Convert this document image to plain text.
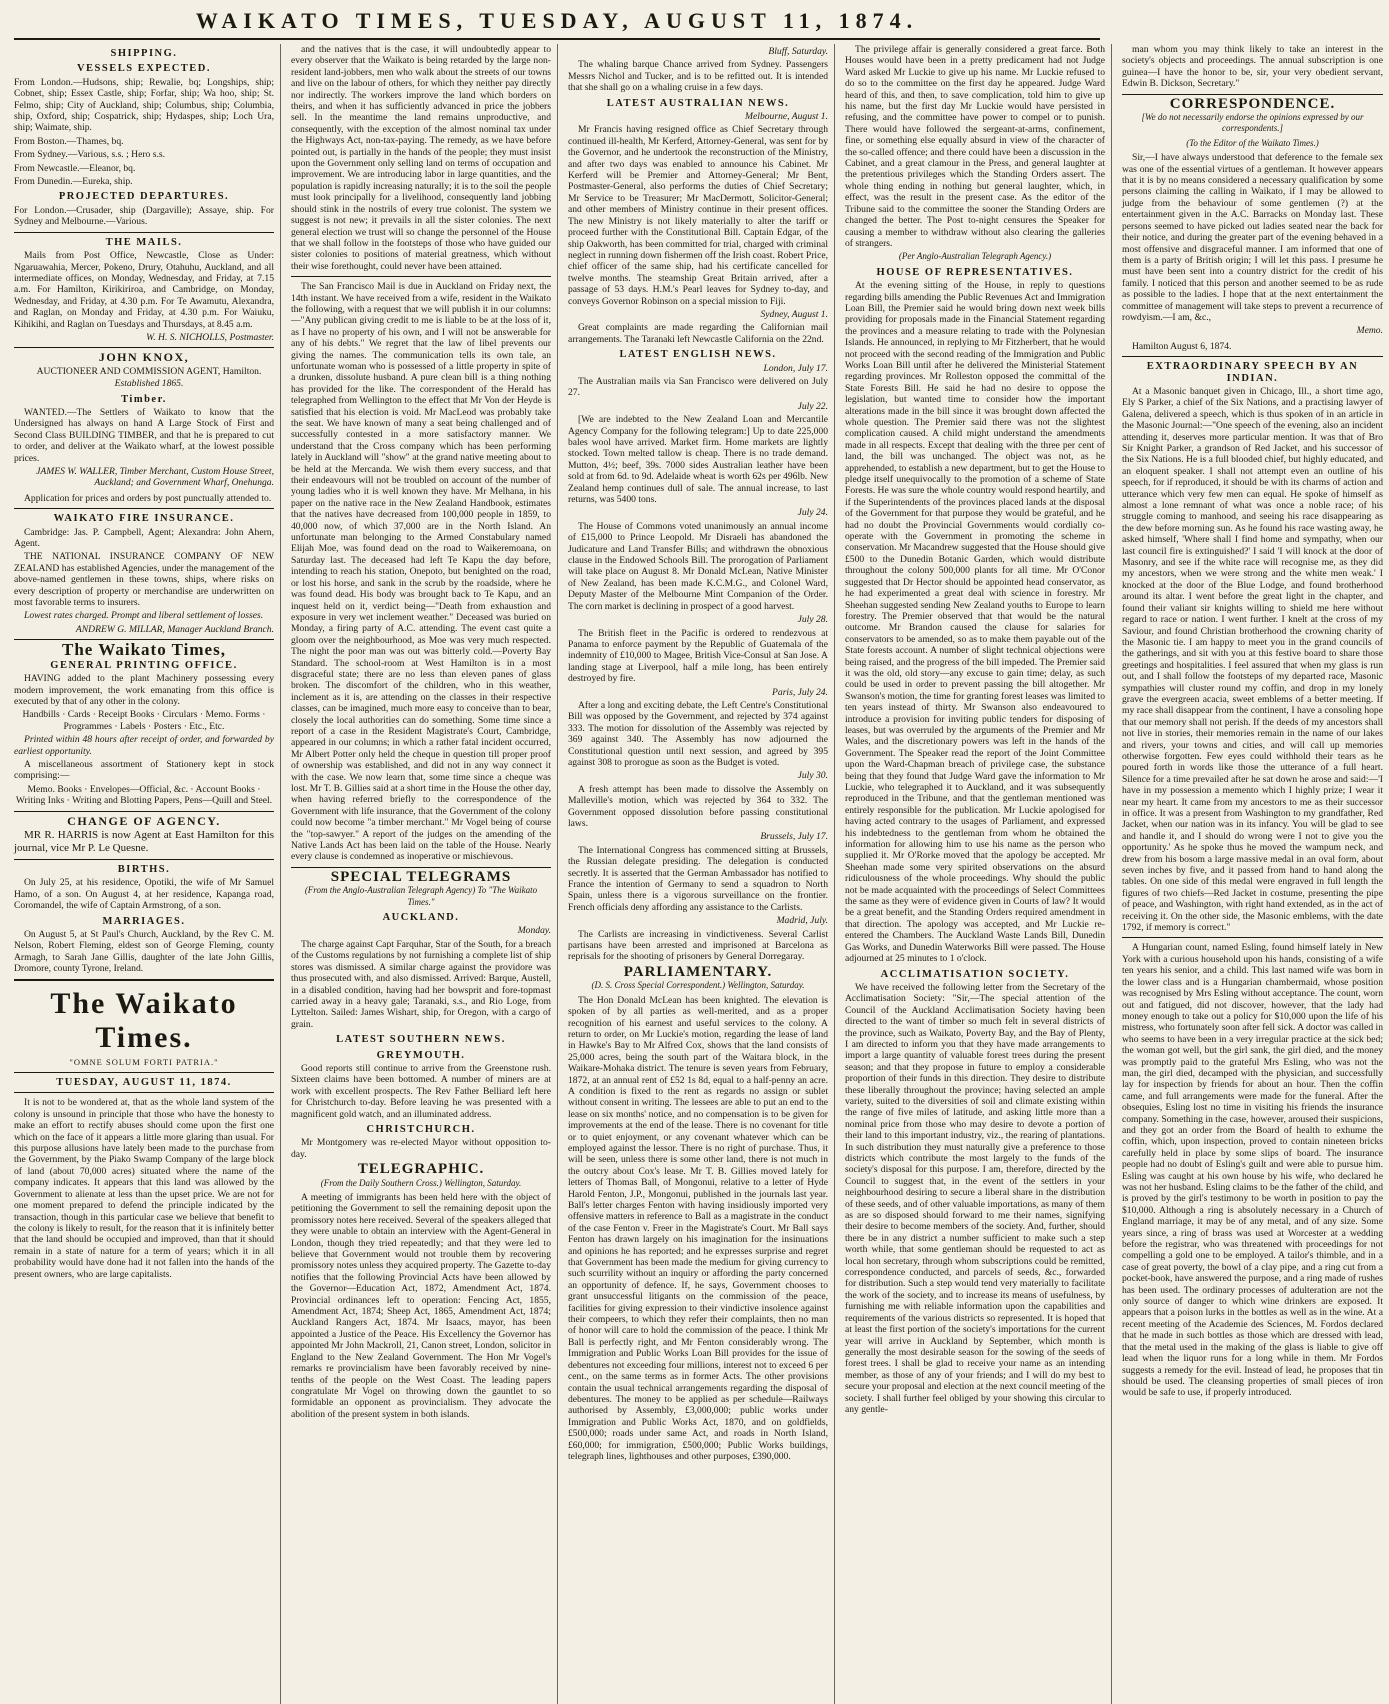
WAIKATO TIMES, TUESDAY, AUGUST 11, 1874.
SHIPPING.
VESSELS EXPECTED.

From London.—Hudsons, ship; Rewalie, bq; Longships, ship; Cobnet, ship; Essex Castle, ship; Forfar, ship; Wa hoo, ship; St. Felmo, ship; City of Auckland, ship; Columbus, ship; Columbia, ship, Oxford, ship; Cospatrick, ship; Hydaspes, ship; Loch Ura, ship; Waimate, ship.

From Boston.—Thames, bq.

From Sydney.—Various, s.s. ; Hero s.s.

From Newcastle.—Eleanor, bq.

From Dunedin.—Eureka, ship.

PROJECTED DEPARTURES.

For London.—Crusader, ship (Dargaville); Assaye, ship. For Sydney and Melbourne.—Various.

THE MAILS.

Mails from Post Office, Newcastle, Close as Under: Ngaruawahia, Mercer, Pokeno, Drury, Otahuhu, Auckland, and all intermediate offices, on Monday, Wednesday, and Friday, at 7.15 a.m. For Hamilton, Kirikiriroa, and Cambridge, on Monday, Wednesday, and Friday, at 4.30 p.m. For Te Awamutu, Alexandra, and Raglan, on Monday and Friday, at 4.30 p.m. For Waiuku, Kihikihi, and Raglan on Tuesdays and Thursdays, at 8.45 a.m.

W. H. S. NICHOLLS, Postmaster.
JOHN KNOX,

AUCTIONEER AND COMMISSION AGENT, Hamilton.

Established 1865.

Timber.

WANTED.—The Settlers of Waikato to know that the Undersigned has always on hand A Large Stock of First and Second Class BUILDING TIMBER, and that he is prepared to cut to order, and deliver at the Waikato wharf, at the lowest possible prices.

JAMES W. WALLER, Timber Merchant, Custom House Street, Auckland; and Government Wharf, Onehunga.

Application for prices and orders by post punctually attended to.

WAIKATO FIRE INSURANCE.

Cambridge: Jas. P. Campbell, Agent; Alexandra: John Ahern, Agent.

THE NATIONAL INSURANCE COMPANY OF NEW ZEALAND has established Agencies, under the management of the above-named gentlemen in these towns, ships, where risks on every description of property or merchandise are underwritten on most favorable terms to insurers.

Lowest rates charged. Prompt and liberal settlement of losses.

ANDREW G. MILLAR, Manager Auckland Branch.
The Waikato Times,
GENERAL PRINTING OFFICE.

HAVING added to the plant Machinery possessing every modern improvement, the work emanating from this office is executed by that of any other in the colony.

Handbills · Cards · Receipt Books · Circulars · Memo. Forms · Programmes · Labels · Posters · Etc., Etc.

Printed within 48 hours after receipt of order, and forwarded by earliest opportunity.

A miscellaneous assortment of Stationery kept in stock comprising:—

Memo. Books · Envelopes—Official, &c. · Account Books · Writing Inks · Writing and Blotting Papers, Pens—Quill and Steel.

CHANGE OF AGENCY.

MR R. HARRIS is now Agent at East Hamilton for this journal, vice Mr P. Le Quesne.

BIRTHS.

On July 25, at his residence, Opotiki, the wife of Mr Samuel Hamo, of a son. On August 4, at her residence, Kapanga road, Coromandel, the wife of Captain Armstrong, of a son.

MARRIAGES.

On August 5, at St Paul's Church, Auckland, by the Rev C. M. Nelson, Robert Fleming, eldest son of George Fleming, county Armagh, to Sarah Jane Gillis, daughter of the late John Gillis, Dromore, county Tyrone, Ireland.

The Waikato Times.
"OMNE SOLUM FORTI PATRIA."
TUESDAY, AUGUST 11, 1874.

It is not to be wondered at, that as the whole land system of the colony is unsound in principle that those who have the honesty to make an effort to rectify abuses should come upon the first one which on the face of it appears a little more glaring than usual. For this purpose allusions have lately been made to the purchase from the Government, by the Piako Swamp Company of the large block of land (about 70,000 acres) situated where the name of the company indicates. It appears that this land was allowed by the Government to alienate at less than the upset price. We are not for one moment prepared to defend the principle indicated by the transaction, though in this particular case we believe that benefit to the colony is likely to result, for the reason that it is infinitely better that the land should be occupied and improved, than that it should remain in a state of nature for a term of years; which it in all probability would have done had it not fallen into the hands of the present owners, who are large capitalists.

and the natives that is the case, it will undoubtedly appear to every observer that the Waikato is being retarded by the large non-resident land-jobbers, men who walk about the streets of our towns and live on the labour of others, for which they neither pay directly nor indirectly. The workers improve the land which borders on theirs, and when it has sufficiently advanced in price the jobbers sell. In the meantime the land remains unproductive, and consequently, with the exception of the almost nominal tax under the Highways Act, non-tax-paying. The remedy, as we have before pointed out, is partially in the hands of the people; they must insist upon the Government only selling land on terms of occupation and improvement. We are introducing labor in large quantities, and the population is rapidly increasing naturally; it is to the soil the people must look principally for a livelihood, consequently land jobbing should stink in the nostrils of every true colonist. The system we suggest is not new; it prevails in all the sister colonies. The next general election we trust will so change the personnel of the House that we shall follow in the footsteps of those who have guided our sister colonies to positions of material greatness, which without their wise forethought, could never have been attained.

The San Francisco Mail is due in Auckland on Friday next, the 14th instant. We have received from a wife, resident in the Waikato the following, with a request that we will publish it in our columns:—"Any publican giving credit to me is liable to be at the loss of it, as I have no property of his own, and I will not be answerable for any of his debts." We regret that the law of libel prevents our giving the names. The communication tells its own tale, an unfortunate woman who is possessed of a little property in spite of a drunken, dissolute husband. A pure clean bill is a thing nothing has provided for the like. The correspondent of the Herald has telegraphed from Wellington to the effect that Mr Von der Heyde is satisfied that his election is void. Mr MacLeod was probably take the seat. We have known of many a seat being challenged and of successfully contested in a more satisfactory manner. We understand that the Cross company which has been performing lately in Auckland will "show" at the grand native meeting about to be held at the Mercanda. We wish them every success, and that their endeavours will not be troubled on account of the number of young ladies who it is well known they have. Mr Melhana, in his paper on the native race in the New Zealand Handbook, estimates that the natives have decreased from 100,000 people in 1859, to 40,000 now, of which 37,000 are in the North Island. An unfortunate man belonging to the Armed Constabulary named Elijah Moe, was found dead on the road to Waikeremoana, on Saturday last. The deceased had left Te Kapu the day before, intending to reach his station, Onepoto, but benighted on the road, or lost his horse, and sank in the scrub by the roadside, where he was found dead. His body was brought back to Te Kapu, and an inquest held on it, verdict being—"Death from exhaustion and exposure in very wet inclement weather." Deceased was buried on Monday, a firing party of A.C. attending. The event cast quite a gloom over the neighbourhood, as Moe was very much respected. The night the poor man was out was bitterly cold.—Poverty Bay Standard. The school-room at West Hamilton is in a most disgraceful state; there are no less than eleven panes of glass broken. The discomfort of the children, who in this weather, inclement as it is, are attending on the classes in their respective classes, can be imagined, much more easy to conceive than to bear, closely the local authorities can do something. Some time since a report of a case in the Resident Magistrate's Court, Cambridge, appeared in our columns; in which a rather fatal incident occurred, Mr Albert Potter only held the cheque in question till proper proof of ownership was established, and did not in any way connect it with the case. We now learn that, some time since a cheque was lost. Mr T. B. Gillies said at a short time in the House the other day, when having referred briefly to the correspondence of the Government with life insurance, that the Government of the colony could now become "a timber merchant." Mr Vogel being of course the "top-sawyer." A report of the judges on the amending of the Native Lands Act has been laid on the table of the House. Nearly every clause is condemned as inoperative or mischievous.

SPECIAL TELEGRAMS
(From the Anglo-Australian Telegraph Agency) To "The Waikato Times."
AUCKLAND.
Monday.

The charge against Capt Farquhar, Star of the South, for a breach of the Customs regulations by not furnishing a complete list of ship stores was dismissed. A similar charge against the providore was thus prosecuted with, and also dismissed. Arrived: Barque, Austell, in a disabled condition, having had her bowsprit and fore-topmast carried away in a heavy gale; Taranaki, s.s., and Rio Loge, from Lyttelton. Sailed: James Wishart, ship, for Oregon, with a cargo of grain.

LATEST SOUTHERN NEWS.
GREYMOUTH.

Good reports still continue to arrive from the Greenstone rush. Sixteen claims have been bottomed. A number of miners are at work with excellent prospects. The Rev Father Belliard left here for Christchurch to-day. Before leaving he was presented with a magnificent gold watch, and an illuminated address.

CHRISTCHURCH.

Mr Montgomery was re-elected Mayor without opposition to-day.

TELEGRAPHIC.
(From the Daily Southern Cross.) Wellington, Saturday.

A meeting of immigrants has been held here with the object of petitioning the Government to sell the remaining deposit upon the promissory notes here received. Several of the speakers alleged that they were unable to obtain an interview with the Agent-General in London, though they tried repeatedly; and that they were led to believe that Government would not trouble them by recovering promissory notes unless they acquired property. The Gazette to-day notifies that the following Provincial Acts have been allowed by the Governor—Education Act, 1872, Amendment Act, 1874. Provincial ordinances left to operation: Fencing Act, 1855, Amendment Act, 1874; Sheep Act, 1865, Amendment Act, 1874; Auckland Rangers Act, 1874. Mr Isaacs, mayor, has been appointed a Justice of the Peace. His Excellency the Governor has appointed Mr John Mackroll, 21, Canon street, London, solicitor in England to the New Zealand Government. The Hon Mr Vogel's remarks re provincialism have been favorably received by nine-tenths of the people on the West Coast. The leading papers congratulate Mr Vogel on throwing down the gauntlet to so formidable an opponent as provincialism. They advocate the abolition of the present system in both islands.

Bluff, Saturday.

The whaling barque Chance arrived from Sydney. Passengers Messrs Nichol and Tucker, and is to be refitted out. It is intended that she shall go on a whaling cruise in a few days.

LATEST AUSTRALIAN NEWS.
Melbourne, August 1.

Mr Francis having resigned office as Chief Secretary through continued ill-health, Mr Kerferd, Attorney-General, was sent for by the Governor, and he undertook the reconstruction of the Ministry, and after two days was enabled to announce his Cabinet. Mr Kerferd will be Premier and Attorney-General; Mr Bent, Postmaster-General, also performs the duties of Chief Secretary; Mr Service to be Treasurer; Mr MacDermott, Solicitor-General; and other members of Ministry continue in their present offices. The new Ministry is not likely materially to alter the tariff or proceed further with the Constitutional Bill. Captain Edgar, of the ship Oakworth, has been committed for trial, charged with criminal neglect in running down fishermen off the Irish coast. Robert Price, chief officer of the same ship, had his certificate cancelled for twelve months. The steamship Great Britain arrived, after a passage of 53 days. H.M.'s Pearl leaves for Sydney to-day, and conveys Governor Robinson on a special mission to Fiji.

Sydney, August 1.

Great complaints are made regarding the Californian mail arrangements. The Taranaki left Newcastle California on the 22nd.

LATEST ENGLISH NEWS.
London, July 17.

The Australian mails via San Francisco were delivered on July 27.

July 22.

[We are indebted to the New Zealand Loan and Mercantile Agency Company for the following telegram:] Up to date 225,000 bales wool have arrived. Market firm. Home markets are lightly stocked. Town melted tallow is cheap. There is no trade demand. Mutton, 4½; beef, 39s. 7000 sides Australian leather have been sold at from 6d. to 9d. Adelaide wheat is worth 62s per 496lb. New Zealand hemp continues dull of sale. The annual increase, to last returns, was 5400 tons.

July 24.

The House of Commons voted unanimously an annual income of £15,000 to Prince Leopold. Mr Disraeli has abandoned the Judicature and Land Transfer Bills; and withdrawn the obnoxious clause in the Endowed Schools Bill. The prorogation of Parliament will take place on August 8. Mr Donald McLean, Native Minister of New Zealand, has been made K.C.M.G., and Colonel Ward, Deputy Master of the Melbourne Mint Companion of the Order. The corn market is declining in prospect of a good harvest.

July 28.

The British fleet in the Pacific is ordered to rendezvous at Panama to enforce payment by the Republic of Guatemala of the indemnity of £10,000 to Magee, British Vice-Consul at San Jose. A landing stage at Liverpool, half a mile long, has been entirely destroyed by fire.

Paris, July 24.

After a long and exciting debate, the Left Centre's Constitutional Bill was opposed by the Government, and rejected by 374 against 333. The motion for dissolution of the Assembly was rejected by 369 against 340. The Assembly has now adjourned the Constitutional question until next session, and agreed by 395 against 308 to prorogue as soon as the Budget is voted.

July 30.

A fresh attempt has been made to dissolve the Assembly on Malleville's motion, which was rejected by 364 to 332. The Government opposed dissolution before passing constitutional laws.

Brussels, July 17.

The International Congress has commenced sitting at Brussels, the Russian delegate presiding. The delegation is conducted secretly. It is asserted that the German Ambassador has notified to France the intention of Germany to send a squadron to North Spain, unless there is a vigorous surveillance on the frontier. French officials deny affording any assistance to the Carlists.

Madrid, July.

The Carlists are increasing in vindictiveness. Several Carlist partisans have been arrested and imprisoned at Barcelona as reprisals for the shooting of prisoners by General Dorregaray.

PARLIAMENTARY.
(D. S. Cross Special Correspondent.) Wellington, Saturday.

The Hon Donald McLean has been knighted. The elevation is spoken of by all parties as well-merited, and as a proper recognition of his earnest and useful services to the colony. A return to order, on Mr Luckie's motion, regarding the lease of land in Hawke's Bay to Mr Alfred Cox, shows that the land consists of 25,000 acres, being the south part of the Waitara block, in the Waikare-Mohaka district. The tenure is seven years from February, 1872, at an annual rent of £52 1s 8d, equal to a half-penny an acre. A condition is fixed to the rent as regards no assign or sublet without consent in writing. The lessees are able to put an end to the lease on six months' notice, and no compensation is to be given for improvements at the end of the lease. There is no covenant for title or to quiet enjoyment, or any covenant whatever which can be employed against the lessor. There is no right of purchase. Thus, it will be seen, unless there is some other land, there is not much in the outcry about Cox's lease. Mr T. B. Gillies moved lately for letters of Thomas Ball, of Mongonui, relative to a letter of Hyde Harold Fenton, J.P., Mongonui, published in the journals last year. Ball's letter charges Fenton with having insidiously imported very offensive matters in reference to Ball as a magistrate in the conduct of the case Fenton v. Freer in the Magistrate's Court. Mr Ball says Fenton has drawn largely on his imagination for the insinuations and opinions he has reported; and he expresses surprise and regret that Government has been made the medium for giving currency to such scurrility without an inquiry or affording the party concerned an opportunity of defence. If, he says, Government chooses to grant unsuccessful litigants on the commission of the peace, facilities for giving expression to their vindictive insolence against their compeers, to which they refer their complaints, then no man of honor will care to hold the commission of the peace. I think Mr Ball is perfectly right, and Mr Fenton considerably wrong. The Immigration and Public Works Loan Bill provides for the issue of debentures not exceeding four millions, interest not to exceed 6 per cent., on the same terms as in former Acts. The other provisions contain the usual technical arrangements regarding the disposal of debentures. The money to be applied as per schedule—Railways authorised by Assembly, £3,000,000; public works under Immigration and Public Works Act, 1870, and on goldfields, £500,000; roads under same Act, and roads in North Island, £60,000; for immigration, £500,000; Public Works buildings, telegraph lines, lighthouses and other purposes, £390,000.

The privilege affair is generally considered a great farce. Both Houses would have been in a pretty predicament had not Judge Ward asked Mr Luckie to give up his name. Mr Luckie refused to do so to the committee on the first day he appeared. Judge Ward heard of this, and then, to save complication, told him to give up his name, but the first day Mr Luckie would have persisted in refusing, and the committee have power to compel or to punish. There would have followed the sergeant-at-arms, confinement, fine, or something else equally absurd in view of the character of the so-called offence; and there could have been a discussion in the Cabinet, and a great clamour in the Press, and general laughter at the pretentious privileges which the Standing Orders assert. The whole thing ending in nothing but general laughter, which, in effect, was the result in the present case. As the editor of the Tribune said to the committee the sooner the Standing Orders are changed the better. The Post to-night censures the Speaker for causing a member to withdraw without also clearing the galleries of strangers.

(Per Anglo-Australian Telegraph Agency.)
HOUSE OF REPRESENTATIVES.

At the evening sitting of the House, in reply to questions regarding bills amending the Public Revenues Act and Immigration Loan Bill, the Premier said he would bring down next week bills providing for proposals made in the Financial Statement regarding the provinces and a measure relating to trade with the Polynesian Islands. He announced, in replying to Mr Fitzherbert, that he would not proceed with the second reading of the Immigration and Public Works Loan Bill until after he delivered the Ministerial Statement regarding provinces. Mr Rolleston opposed the committal of the State Forests Bill. He said he had no desire to oppose the legislation, but wanted time to consider how the important alterations made in the bill since it was brought down affected the whole question. The Premier said there was not the slightest complication caused. A child might understand the amendments made in all respects. Except that dealing with the three per cent of land, the bill was unchanged. The object was not, as he apprehended, to establish a new department, but to get the House to pledge itself unequivocally to the promotion of a scheme of State Forests. He was sure the whole country would respond heartily, and if the Superintendents of the provinces placed lands at the disposal of the Government for that purpose they would be grateful, and he had no doubt the Provincial Governments would cordially co-operate with the Government in promoting the scheme in conservation. Mr Macandrew suggested that the House should give £500 to the Dunedin Botanic Garden, which would distribute throughout the colony 500,000 plants for all time. Mr O'Conor suggested that Dr Hector should be appointed head conservator, as he had experimented a great deal with science in forestry. Mr Sheehan suggested sending New Zealand youths to Europe to learn forestry. The Premier observed that that would be the natural outcome. Mr Brandon caused the clause for salaries for conservators to be amended, so as to make them payable out of the State forests account. A number of slight technical objections were being raised, and the progress of the bill impeded. The Premier said it was the old, old story—any excuse to gain time; delay, as such could be used in order to prevent passing the bill altogether. Mr Swanson's motion, the time for granting forest leases was limited to ten years instead of thirty. Mr Swanson also endeavoured to introduce a provision for inviting public tenders for disposing of leases, but was overruled by the arguments of the Premier and Mr Wales, and the discretionary powers was left in the hands of the Government. The Speaker read the report of the Joint Committee upon the Ward-Chapman breach of privilege case, the substance being that they found that Judge Ward gave the information to Mr Luckie, who telegraphed it to Auckland, and it was subsequently reproduced in the Tribune, and that the gentleman mentioned was entirely responsible for the publication. Mr Luckie apologised for having acted contrary to the usages of Parliament, and expressed his indebtedness to the gentleman from whom he obtained the information for allowing him to use his name as the person who supplied it. Mr O'Rorke moved that the apology be accepted. Mr Sheehan made some very spirited observations on the absurd ridiculousness of the whole proceedings. Why should the public not be made acquainted with the proceedings of Select Committees the same as they were of evidence given in Courts of law? It would be a great benefit, and the Standing Orders required amendment in that direction. The apology was accepted, and Mr Luckie re-entered the Chambers. The Auckland Waste Lands Bill, Dunedin Gas Works, and Dunedin Waterworks Bill were passed. The House adjourned at 25 minutes to 1 o'clock.

ACCLIMATISATION SOCIETY.

We have received the following letter from the Secretary of the Acclimatisation Society: "Sir,—The special attention of the Council of the Auckland Acclimatisation Society having been directed to the want of timber so much felt in several districts of the province, such as Waikato, Poverty Bay, and the Bay of Plenty, I am directed to inform you that they have made arrangements to import a large quantity of valuable forest trees during the present season; and that they propose in future to employ a considerable proportion of their funds in this direction. They desire to distribute these liberally throughout the province; having selected an ample variety, suited to the diversities of soil and climate existing within the range of five miles of latitude, and asking little more than a nominal price from those who may desire to devote a portion of their land to this important industry, viz., the rearing of plantations. In such distribution they must naturally give a preference to those districts which contribute the most largely to the funds of the society's disposal for this purpose. I am, therefore, directed by the Council to suggest that, in the event of the settlers in your neighbourhood desiring to secure a liberal share in the distribution of these seeds, and of other valuable importations, as many of them as are so disposed should forward to me their names, signifying their desire to become members of the society. And, further, should there be in any district a number sufficient to make such a step worth while, that some gentleman should be requested to act as local hon secretary, through whom subscriptions could be remitted, correspondence conducted, and parcels of seeds, &c., forwarded for distribution. Such a step would tend very materially to facilitate the work of the society, and to increase its means of usefulness, by furnishing me with reliable information upon the capabilities and requirements of the various districts so represented. It is hoped that at least the first portion of the society's importations for the current year will arrive in Auckland by September, which month is generally the most desirable season for the sowing of the seeds of forest trees. I shall be glad to receive your name as an intending member, as those of any of your friends; and I will do my best to secure your proposal and election at the next council meeting of the society. I shall further feel obliged by your showing this circular to any gentle-

man whom you may think likely to take an interest in the society's objects and proceedings. The annual subscription is one guinea—I have the honor to be, sir, your very obedient servant, Edwin B. Dickson, Secretary."

CORRESPONDENCE.
[We do not necessarily endorse the opinions expressed by our correspondents.]
(To the Editor of the Waikato Times.)

Sir,—I have always understood that deference to the female sex was one of the essential virtues of a gentleman. It however appears that it is by no means considered a necessary qualification by some persons claiming the calling in Waikato, if I may be allowed to judge from the behaviour of some gentlemen (?) at the entertainment given in the A.C. Barracks on Monday last. These persons seemed to have picked out ladies seated near the back for their notice, and during the greater part of the evening behaved in a most offensive and disgraceful manner. I am informed that one of them is a party of British origin; I will let this pass. I presume he must have been sent into a country district for the credit of his family. I noticed that this person and another seemed to be as rude as possible to the ladies. I hope that at the next entertainment the committee of management will take steps to prevent a recurrence of rowdyism.—I am, &c.,

Memo.

Hamilton August 6, 1874.

EXTRAORDINARY SPEECH BY AN INDIAN.

At a Masonic banquet given in Chicago, Ill., a short time ago, Ely S Parker, a chief of the Six Nations, and a practising lawyer of Galena, delivered a speech, which is thus spoken of in an article in the Masonic Journal:—"One speech of the evening, also an incident attending it, deserves more particular mention. It was that of Bro Sir Knight Parker, a grandson of Red Jacket, and his successor of the Six Nations. He is a full blooded chief, but highly educated, and an eloquent speaker. I shall not attempt even an outline of his speech, for if reproduced, it should be with its charms of action and utterance which very few men can equal. He spoke of himself as almost a lone remnant of what was once a noble race; of his struggle coming to manhood, and seeing his race disappearing as the dew before morning sun. As he found his race wasting away, he asked himself, 'Where shall I find home and sympathy, when our last council fire is extinguished?' I said 'I will knock at the door of Masonry, and see if the white race will recognise me, as they did my ancestors, when we were strong and the white men weak.' I knocked at the door of the Blue Lodge, and found brotherhood around its altar. I went before the great light in the chapter, and found their valiant sir knights willing to shield me here without regard to race or nation. I went further. I knelt at the cross of my Saviour, and found Christian brotherhood the crowning charity of the Masonic tie. I am happy to meet you in the grand councils of the gatherings, and sit with you at this festive board to share those greetings and hospitalities. I feel assured that when my glass is run out, and I shall follow the footsteps of my departed race, Masonic sympathies will cluster round my coffin, and drop in my lonely grave the evergreen acacia, sweet emblems of a better meeting. If my race shall disappear from the continent, I have a consoling hope that our memory shall not perish. If the deeds of my ancestors shall not live in stories, their memories remain in the name of our lakes and rivers, your towns and cities, and will call up memories otherwise forgotten. Few eyes could withhold their tears as he poured forth in words like those the utterance of a full heart. Silence for a time prevailed after he sat down he arose and said:—'I have in my possession a memento which I highly prize; I wear it near my heart. It came from my ancestors to me as their successor in office. It was a present from Washington to my grandfather, Red Jacket, when our nation was in its infancy. You will be glad to see and handle it, and I should do wrong were I not to give you the opportunity.' As he spoke thus he moved the wampum neck, and drew from his bosom a large massive medal in an oval form, about seven inches by five, and it passed from hand to hand along the tables. On one side of this medal were engraved in full length the figures of two chiefs—Red Jacket in costume, presenting the pipe of peace, and Washington, with right hand extended, as in the act of receiving it. On the other side, the Masonic emblems, with the date 1792, if memory is correct."

A Hungarian count, named Esling, found himself lately in New York with a curious household upon his hands, consisting of a wife ten years his senior, and a child. This last named wife was born in the lower class and is a Hungarian chambermaid, whose position was recognised by Mrs Esling without acceptance. The count, worn out and fatigued, did not discover, however, that the lady had money enough to take out a policy for $10,000 upon the life of his mistress, who fortunately soon after fell sick. A doctor was called in who seems to have been in a very irregular practice at the sick bed; the woman got well, but the girl sank, the girl died, and the money was promptly paid to the grateful Mrs Esling, who was not the man, the girl died, decamped with the physician, and successfully lay for inspection by friends for about an hour. Then the coffin came, and full arrangements were made for the funeral. After the obsequies, Esling lost no time in visiting his friends the insurance company. Something in the case, however, aroused their suspicions, and they got an order from the Board of health to exhume the coffin, which, upon inspection, proved to contain nineteen bricks carefully held in place by some slips of board. The insurance people had no doubt of Esling's guilt and were able to pursue him. Esling was caught at his own house by his wife, who declared he was not her husband. Esling claims to be the father of the child, and is proved by the girl's testimony to be worth in position to pay the $10,000. Although a ring is absolutely necessary in a Church of England marriage, it may be of any metal, and of any size. Some years since, a ring of brass was used at Worcester at a wedding before the registrar, who was threatened with proceedings for not compelling a gold one to be employed. A tailor's thimble, and in a case of great poverty, the bowl of a clay pipe, and a ring cut from a pocket-book, have answered the purpose, and a ring made of rushes has been used. The ordinary processes of adulteration are not the only source of danger to which wine drinkers are exposed. It appears that a poison lurks in the bottles as well as in the wine. At a recent meeting of the Academie des Sciences, M. Fordos declared that he made in such bottles as those which are dressed with lead, that the metal used in the making of the glass is liable to give off lead when the liquor runs for a long while in them. Mr Fordos suggests a remedy for the evil. Instead of lead, he proposes that tin should be used. The cleansing properties of small pieces of iron would be safe to use, if properly introduced.
